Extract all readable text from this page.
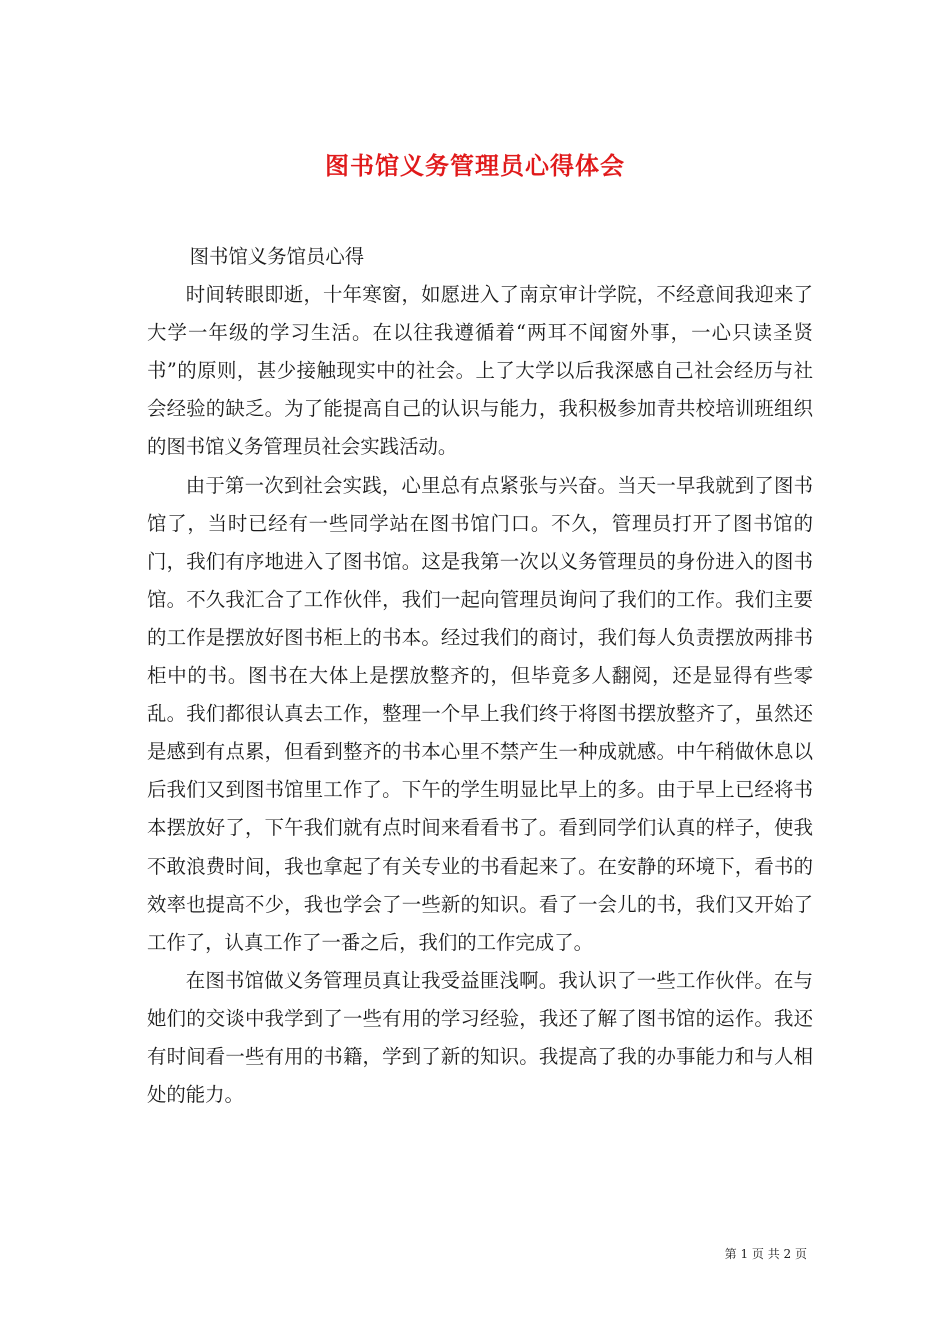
图书馆义务管理员心得体会

图书馆义务馆员心得

时间转眼即逝，十年寒窗，如愿进入了南京审计学院，不经意间我迎来了大学一年级的学习生活。在以往我遵循着“两耳不闻窗外事，一心只读圣贤书”的原则，甚少接触现实中的社会。上了大学以后我深感自己社会经历与社会经验的缺乏。为了能提高自己的认识与能力，我积极参加青共校培训班组织的图书馆义务管理员社会实践活动。

由于第一次到社会实践，心里总有点紧张与兴奋。当天一早我就到了图书馆了，当时已经有一些同学站在图书馆门口。不久，管理员打开了图书馆的门，我们有序地进入了图书馆。这是我第一次以义务管理员的身份进入的图书馆。不久我汇合了工作伙伴，我们一起向管理员询问了我们的工作。我们主要的工作是摆放好图书柜上的书本。经过我们的商讨，我们每人负责摆放两排书柜中的书。图书在大体上是摆放整齐的，但毕竟多人翻阅，还是显得有些零乱。我们都很认真去工作，整理一个早上我们终于将图书摆放整齐了，虽然还是感到有点累，但看到整齐的书本心里不禁产生一种成就感。中午稍做休息以后我们又到图书馆里工作了。下午的学生明显比早上的多。由于早上已经将书本摆放好了，下午我们就有点时间来看看书了。看到同学们认真的样子，使我不敢浪费时间，我也拿起了有关专业的书看起来了。在安静的环境下，看书的效率也提高不少，我也学会了一些新的知识。看了一会儿的书，我们又开始了工作了，认真工作了一番之后，我们的工作完成了。

在图书馆做义务管理员真让我受益匪浅啊。我认识了一些工作伙伴。在与她们的交谈中我学到了一些有用的学习经验，我还了解了图书馆的运作。我还有时间看一些有用的书籍，学到了新的知识。我提高了我的办事能力和与人相处的能力。

第 1 页 共 2 页
